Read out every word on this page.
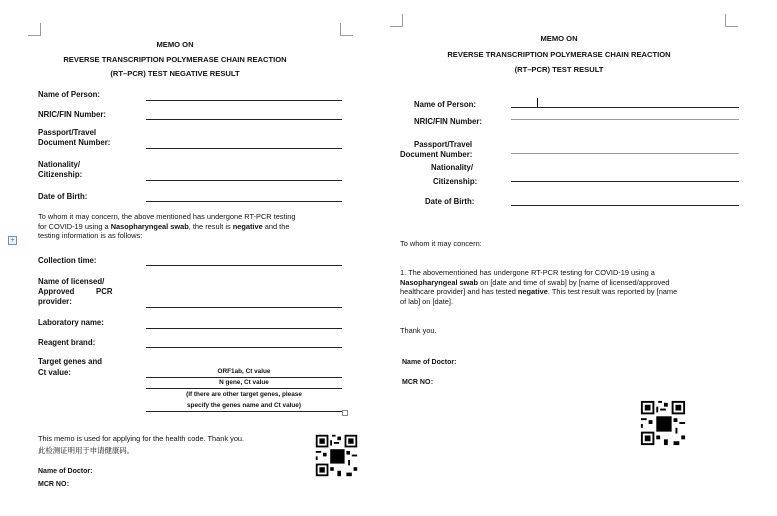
MEMO ON
REVERSE TRANSCRIPTION POLYMERASE CHAIN REACTION
(RT–PCR) TEST NEGATIVE RESULT
Name of Person:
NRIC/FIN Number:
Passport/Travel
Document Number:
Nationality/
Citizenship:
Date of Birth:
+
To whom it may concern, the above mentioned has undergone RT-PCR testing
for COVID-19 using a Nasopharyngeal swab, the result is negative and the
testing information is as follows:
Collection time:
Name of licensed/
Approved	PCR
provider:
Laboratory name:
Reagent brand:
Target genes and
Ct value:	ORF1ab, Ct value
N gene, Ct value
(If there are other target genes, please
specify the genes name and Ct value)
This memo is used for applying for the health code. Thank you.
此检测证明用于申请健康码。
Name of Doctor:
MCR NO：
MEMO ON
REVERSE TRANSCRIPTION POLYMERASE CHAIN REACTION
(RT–PCR) TEST RESULT
Name of Person:
NRIC/FIN Number:
Passport/Travel
Document Number:
Nationality/
Citizenship:
Date of Birth:
To whom it may concern:
1. The abovementioned has undergone RT-PCR testing for COVID-19 using a
Nasopharyngeal swab on [date and time of swab] by [name of licensed/approved
healthcare provider] and has tested negative. This test result was reported by [name
of lab] on [date].
Thank you.
Name of Doctor:
MCR NO：
